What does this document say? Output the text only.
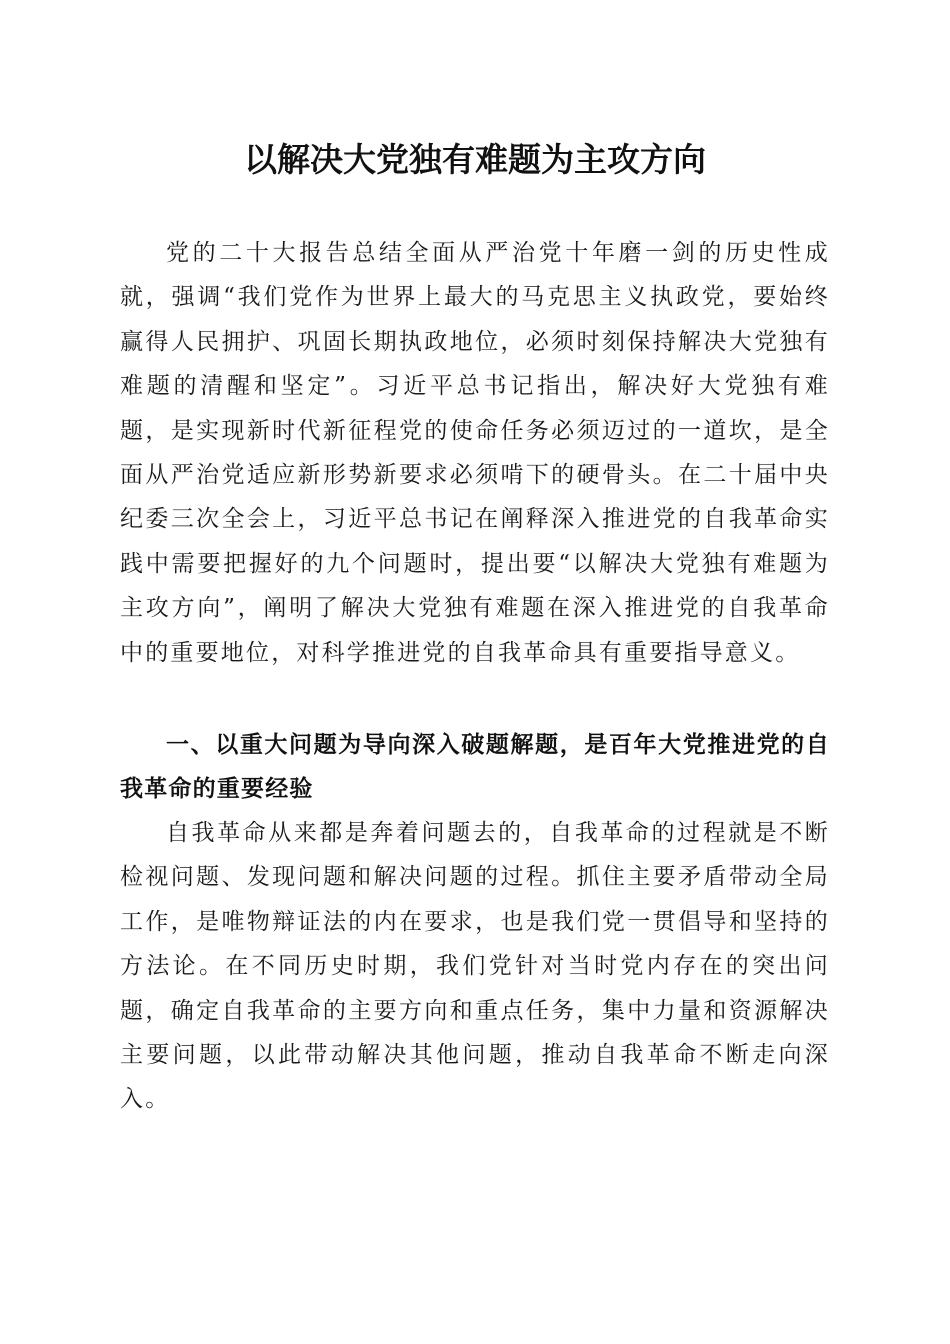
以解决大党独有难题为主攻方向

党的二十大报告总结全面从严治党十年磨一剑的历史性成就，强调“我们党作为世界上最大的马克思主义执政党，要始终赢得人民拥护、巩固长期执政地位，必须时刻保持解决大党独有难题的清醒和坚定”。习近平总书记指出，解决好大党独有难题，是实现新时代新征程党的使命任务必须迈过的一道坎，是全面从严治党适应新形势新要求必须啃下的硬骨头。在二十届中央纪委三次全会上，习近平总书记在阐释深入推进党的自我革命实践中需要把握好的九个问题时，提出要“以解决大党独有难题为主攻方向”，阐明了解决大党独有难题在深入推进党的自我革命中的重要地位，对科学推进党的自我革命具有重要指导意义。

一、以重大问题为导向深入破题解题，是百年大党推进党的自我革命的重要经验

自我革命从来都是奔着问题去的，自我革命的过程就是不断检视问题、发现问题和解决问题的过程。抓住主要矛盾带动全局工作，是唯物辩证法的内在要求，也是我们党一贯倡导和坚持的方法论。在不同历史时期，我们党针对当时党内存在的突出问题，确定自我革命的主要方向和重点任务，集中力量和资源解决主要问题，以此带动解决其他问题，推动自我革命不断走向深入。
